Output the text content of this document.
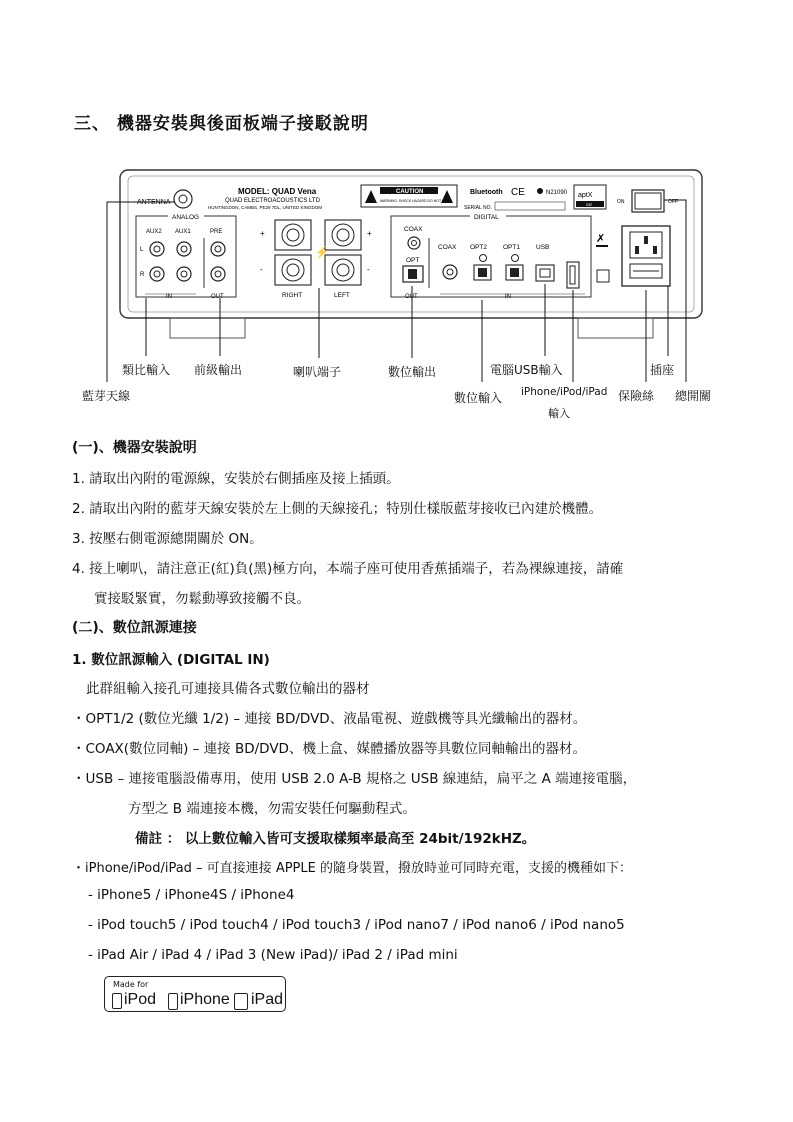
三、 機器安裝與後面板端子接駁說明
ANTENNA
MODEL: QUAD Vena
QUAD ELECTROACOUSTICS LTD
HUNTINGDON, CAMBS, PE29 7DL, UNITED KINGDOM
CAUTION
WARNING: SHOCK HAZARD DO NOT OPEN
Bluetooth CE	N21090 aptX
csr
SERIAL NO.
ON	OFF
ANALOG
AUX2 AUX1	PRE
L
R
IN	OUT
+
-
+
-
⚡
RIGHT	LEFT
DIGITAL
COAX
OPT
COAX OPT2 OPT1 USB
OUT	IN
✗
類比輸入 前級輸出	喇叭端子	數位輸出	電腦USB輸入	插座
藍芽天線	數位輸入 iPhone/iPod/iPad
輸入
保險絲 總開關
(一)、機器安裝說明
1. 請取出內附的電源線，安裝於右側插座及接上插頭。
2. 請取出內附的藍芽天線安裝於左上側的天線接孔；特別仕樣版藍芽接收已內建於機體。
3. 按壓右側電源總開關於 ON。
4. 接上喇叭，請注意正(紅)負(黑)極方向，本端子座可使用香蕉插端子，若為裸線連接，請確
實接駁緊實，勿鬆動導致接觸不良。
(二)、數位訊源連接
1. 數位訊源輸入 (DIGITAL IN)
此群組輸入接孔可連接具備各式數位輸出的器材
・OPT1/2 (數位光纖 1/2) – 連接 BD/DVD、液晶電視、遊戲機等具光纖輸出的器材。
・COAX(數位同軸) – 連接 BD/DVD、機上盒、媒體播放器等具數位同軸輸出的器材。
・USB – 連接電腦設備專用，使用 USB 2.0 A-B 規格之 USB 線連結，扁平之 A 端連接電腦，
方型之 B 端連接本機，勿需安裝任何驅動程式。
備註 ： 以上數位輸入皆可支援取樣頻率最高至 24bit/192kHZ。
・iPhone/iPod/iPad – 可直接連接 APPLE 的隨身裝置，撥放時並可同時充電，支援的機種如下：
- iPhone5 / iPhone4S / iPhone4
- iPod touch5 / iPod touch4 / iPod touch3 / iPod nano7 / iPod nano6 / iPod nano5
- iPad Air / iPad 4 / iPad 3 (New iPad)/ iPad 2 / iPad mini
Made for
iPod iPhone iPad
